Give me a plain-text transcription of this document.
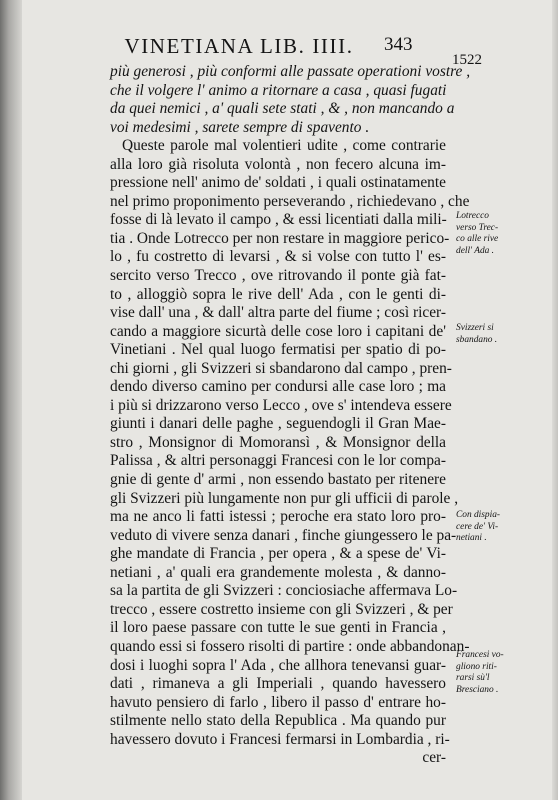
VINETIANA LIB. IIII.	343
1522
più generosi , più conformi alle passate operationi vostre ,
che il volgere l' animo a ritornare a casa , quasi fugati
da quei nemici , a' quali sete stati , & , non mancando a
voi medesimi , sarete sempre di spavento .
Queste parole mal volentieri udite , come contrarie
alla loro già risoluta volontà , non fecero alcuna im-
pressione nell' animo de' soldati , i quali ostinatamente
nel primo proponimento perseverando , richiedevano , che
fosse di là levato il campo , & essi licentiati dalla mili-
tia . Onde Lotrecco per non restare in maggiore perico-
lo , fu costretto di levarsi , & si volse con tutto l' es-
sercito verso Trecco , ove ritrovando il ponte già fat-
to , alloggiò sopra le rive dell' Ada , con le genti di-
vise dall' una , & dall' altra parte del fiume ; così ricer-
cando a maggiore sicurtà delle cose loro i capitani de'
Vinetiani . Nel qual luogo fermatisi per spatio di po-
chi giorni , gli Svizzeri si sbandarono dal campo , pren-
dendo diverso camino per condursi alle case loro ; ma
i più si drizzarono verso Lecco , ove s' intendeva essere
giunti i danari delle paghe , seguendogli il Gran Mae-
stro , Monsignor di Momoransì , & Monsignor della
Palissa , & altri personaggi Francesi con le lor compa-
gnie di gente d' armi , non essendo bastato per ritenere
gli Svizzeri più lungamente non pur gli ufficii di parole ,
ma ne anco li fatti istessi ; peroche era stato loro pro-
veduto di vivere senza danari , finche giungessero le pa-
ghe mandate di Francia , per opera , & a spese de' Vi-
netiani , a' quali era grandemente molesta , & danno-
sa la partita de gli Svizzeri : conciosiache affermava Lo-
trecco , essere costretto insieme con gli Svizzeri , & per
il loro paese passare con tutte le sue genti in Francia ,
quando essi si fossero risolti di partire : onde abbandonan-
dosi i luoghi sopra l' Ada , che allhora tenevansi guar-
dati , rimaneva a gli Imperiali , quando havessero
havuto pensiero di farlo , libero il passo d' entrare ho-
stilmente nello stato della Republica . Ma quando pur
havessero dovuto i Francesi fermarsi in Lombardia , ri-
cer-
Lotrecco
verso Trec-
co alle rive
dell' Ada .
Svizzeri si
sbandano .
Con dispia-
cere de' Vi-
netiani .
Francesi vo-
gliono riti-
rarsi ѕù'l
Bresciano .
